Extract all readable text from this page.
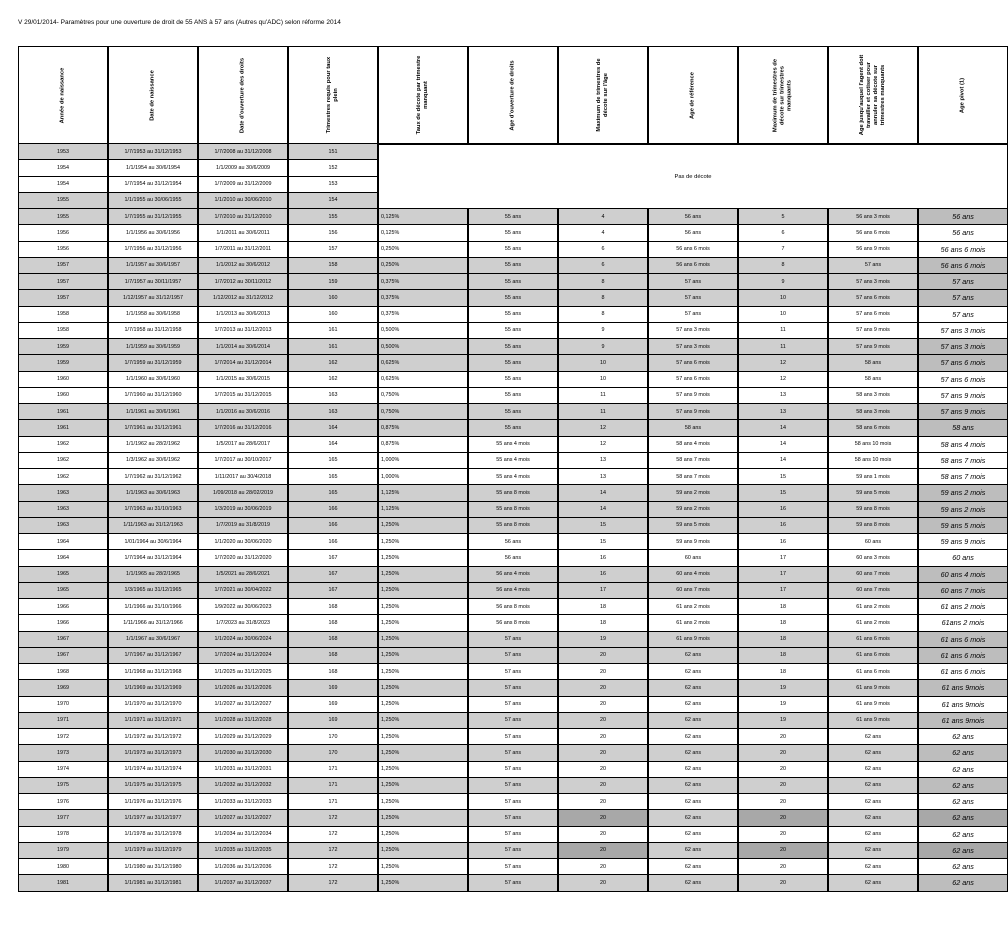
V 29/01/2014- Paramètres pour une ouverture de droit de 55 ANS à 57 ans (Autres qu'ADC) selon réforme 2014
Année de naissance		Date de naissance		Date d'ouverture des droits		Trimestres requis pour taux plein		Taux de décote par trimestre manquant		Age d'ouverture de droits		Maximum de trimestres de décote sur l'âge		Age de référence		Maximum de trimestres de décote sur trimestres manquants		Age jusqu'auquel l'agent doit travailler et cotiser pour annuler sa décote sur trimestres manquants		Age pivot (1)

1953		1/7/1953 au 31/12/1953		1/7/2008 au 31/12/2008		151		Pas de décote						
1954		1/1/1954 au 30/6/1954		1/1/2009 au 30/6/2009		152							
1954		1/7/1954 au 31/12/1954		1/7/2009 au 31/12/2009		153							
1955		1/1/1955 au 30/06/1955		1/1/2010 au 30/06/2010		154							
1955		1/7/1955 au 31/12/1955		1/7/2010 au 31/12/2010		155		0,125%		55 ans		4		56 ans		5		56 ans 3 mois		56 ans
1956		1/1/1956 au 30/6/1956		1/1/2011 au 30/6/2011		156		0,125%		55 ans		4		56 ans		6		56 ans 6 mois		56 ans
1956		1/7/1956 au 31/12/1956		1/7/2011 au 31/12/2011		157		0,250%		55 ans		6		56 ans 6 mois		7		56 ans 9 mois		56 ans 6 mois
1957		1/1/1957 au 30/6/1957		1/1/2012 au 30/6/2012		158		0,250%		55 ans		6		56 ans 6 mois		8		57 ans		56 ans 6 mois
1957		1/7/1957 au 30/11/1957		1/7/2012 au 30/11/2012		159		0,375%		55 ans		8		57 ans		9		57 ans 3 mois		57 ans
1957		1/12/1957 au 31/12/1957		1/12/2012 au 31/12/2012		160		0,375%		55 ans		8		57 ans		10		57 ans 6 mois		57 ans
1958		1/1/1958 au 30/6/1958		1/1/2013 au 30/6/2013		160		0,375%		55 ans		8		57 ans		10		57 ans 6 mois		57 ans
1958		1/7/1958 au 31/12/1958		1/7/2013 au 31/12/2013		161		0,500%		55 ans		9		57 ans 3 mois		11		57 ans 9 mois		57 ans 3 mois
1959		1/1/1959 au 30/6/1959		1/1/2014 au 30/6/2014		161		0,500%		55 ans		9		57 ans 3 mois		11		57 ans 9 mois		57 ans 3 mois
1959		1/7/1959 au 31/12/1959		1/7/2014 au 31/12/2014		162		0,625%		55 ans		10		57 ans 6 mois		12		58 ans		57 ans 6 mois
1960		1/1/1960 au 30/6/1960		1/1/2015 au 30/6/2015		162		0,625%		55 ans		10		57 ans 6 mois		12		58 ans		57 ans 6 mois
1960		1/7/1960 au 31/12/1960		1/7/2015 au 31/12/2015		163		0,750%		55 ans		11		57 ans 9 mois		13		58 ans 3 mois		57 ans 9 mois
1961		1/1/1961 au 30/6/1961		1/1/2016 au 30/6/2016		163		0,750%		55 ans		11		57 ans 9 mois		13		58 ans 3 mois		57 ans 9 mois
1961		1/7/1961 au 31/12/1961		1/7/2016 au 31/12/2016		164		0,875%		55 ans		12		58 ans		14		58 ans 6 mois		58 ans
1962		1/1/1962 au 28/2/1962		1/5/2017 au 28/6/2017		164		0,875%		55 ans 4 mois		12		58 ans 4 mois		14		58 ans 10 mois		58 ans 4 mois
1962		1/3/1962 au 30/6/1962		1/7/2017 au 30/10/2017		165		1,000%		55 ans 4 mois		13		58 ans 7 mois		14		58 ans 10 mois		58 ans 7 mois
1962		1/7/1962 au 31/12/1962		1/11/2017 au 30/4/2018		165		1,000%		55 ans 4 mois		13		58 ans 7 mois		15		59 ans 1 mois		58 ans 7 mois
1963		1/1/1963 au 30/6/1963		1/09/2018 au 28/02/2019		165		1,125%		55 ans 8 mois		14		59 ans 2 mois		15		59 ans 5 mois		59 ans 2 mois
1963		1/7/1963 au 31/10/1963		1/3/2019 au 30/06/2019		166		1,125%		55 ans 8 mois		14		59 ans 2 mois		16		59 ans 8 mois		59 ans 2 mois
1963		1/11/1963 au 31/12/1963		1/7/2019 au 31/8/2019		166		1,250%		55 ans 8 mois		15		59 ans 5 mois		16		59 ans 8 mois		59 ans 5 mois
1964		1/01/1964 au 30/6/1964		1/1/2020 au 30/06/2020		166		1,250%		56 ans		15		59 ans 9 mois		16		60 ans		59 ans 9 mois
1964		1/7/1964 au 31/12/1964		1/7/2020 au 31/12/2020		167		1,250%		56 ans		16		60 ans		17		60 ans 3 mois		60 ans
1965		1/1/1965 au 28/2/1965		1/5/2021 au 28/6/2021		167		1,250%		56 ans 4 mois		16		60 ans 4 mois		17		60 ans 7 mois		60 ans 4 mois
1965		1/3/1965 au 31/12/1965		1/7/2021 au 30/04/2022		167		1,250%		56 ans 4 mois		17		60 ans 7 mois		17		60 ans 7 mois		60 ans 7 mois
1966		1/1/1966 au 31/10/1966		1/9/2022 au 30/06/2023		168		1,250%		56 ans 8 mois		18		61 ans 2 mois		18		61 ans 2 mois		61 ans 2 mois
1966		1/11/1966 au 31/12/1966		1/7/2023 au 31/8/2023		168		1,250%		56 ans 8 mois		18		61 ans 2 mois		18		61 ans 2 mois		61ans 2 mois
1967		1/1/1967 au 30/6/1967		1/1/2024 au 30/06/2024		168		1,250%		57 ans		19		61 ans 9 mois		18		61 ans 6 mois		61 ans 6 mois
1967		1/7/1967 au 31/12/1967		1/7/2024 au 31/12/2024		168		1,250%		57 ans		20		62 ans		18		61 ans 6 mois		61 ans 6 mois
1968		1/1/1968 au 31/12/1968		1/1/2025 au 31/12/2025		168		1,250%		57 ans		20		62 ans		18		61 ans 6 mois		61 ans 6 mois
1969		1/1/1969 au 31/12/1969		1/1/2026 au 31/12/2026		169		1,250%		57 ans		20		62 ans		19		61 ans 9 mois		61 ans 9mois
1970		1/1/1970 au 31/12/1970		1/1/2027 au 31/12/2027		169		1,250%		57 ans		20		62 ans		19		61 ans 9 mois		61 ans 9mois
1971		1/1/1971 au 31/12/1971		1/1/2028 au 31/12/2028		169		1,250%		57 ans		20		62 ans		19		61 ans 9 mois		61 ans 9mois
1972		1/1/1972 au 31/12/1972		1/1/2029 au 31/12/2029		170		1,250%		57 ans		20		62 ans		20		62 ans		62 ans
1973		1/1/1973 au 31/12/1973		1/1/2030 au 31/12/2030		170		1,250%		57 ans		20		62 ans		20		62 ans		62 ans
1974		1/1/1974 au 31/12/1974		1/1/2031 au 31/12/2031		171		1,250%		57 ans		20		62 ans		20		62 ans		62 ans
1975		1/1/1975 au 31/12/1975		1/1/2032 au 31/12/2032		171		1,250%		57 ans		20		62 ans		20		62 ans		62 ans
1976		1/1/1976 au 31/12/1976		1/1/2033 au 31/12/2033		171		1,250%		57 ans		20		62 ans		20		62 ans		62 ans
1977		1/1/1977 au 31/12/1977		1/1/2027 au 31/12/2027		172		1,250%		57 ans		20		62 ans		20		62 ans		62 ans
1978		1/1/1978 au 31/12/1978		1/1/2034 au 31/12/2034		172		1,250%		57 ans		20		62 ans		20		62 ans		62 ans
1979		1/1/1979 au 31/12/1979		1/1/2035 au 31/12/2035		172		1,250%		57 ans		20		62 ans		20		62 ans		62 ans
1980		1/1/1980 au 31/12/1980		1/1/2036 au 31/12/2036		172		1,250%		57 ans		20		62 ans		20		62 ans		62 ans
1981		1/1/1981 au 31/12/1981		1/1/2037 au 31/12/2037		172		1,250%		57 ans		20		62 ans		20		62 ans		62 ans
